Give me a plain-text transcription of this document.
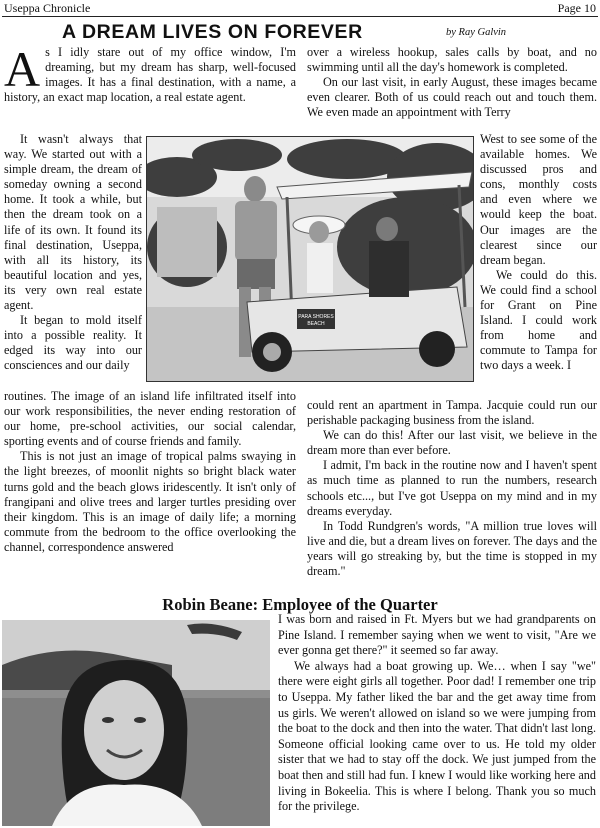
Useppa Chronicle	Page 10
A DREAM LIVES ON FOREVER	by Ray Galvin

As I idly stare out of my office window, I'm dreaming, but my dream has sharp, well-focused images. It has a final destination, with a name, a history, an exact map location, a real estate agent.

It wasn't always that way. We started out with a simple dream, the dream of someday owning a second home. It took a while, but then the dream took on a life of its own. It found its final destination, Useppa, with all its history, its beautiful location and yes, its very own real estate agent.

It began to mold itself into a possible reality. It edged its way into our consciences and our daily

routines. The image of an island life infiltrated itself into our work responsibilities, the never ending restoration of our home, pre-school activities, our social calendar, sporting events and of course friends and family.

This is not just an image of tropical palms swaying in the light breezes, of moonlit nights so bright black water turns gold and the beach glows iridescently. It isn't only of frangipani and olive trees and larger turtles presiding over their kingdom. This is an image of daily life; a morning commute from the bedroom to the office overlooking the channel, correspondence answered

over a wireless hookup, sales calls by boat, and no swimming until all the day's homework is completed.

On our last visit, in early August, these images became even clearer. Both of us could reach out and touch them. We even made an appointment with Terry

West to see some of the available homes. We discussed pros and cons, monthly costs and even where we would keep the boat. Our images are the clearest since our dream began.

We could do this. We could find a school for Grant on Pine Island. I could work from home and commute to Tampa for two days a week. I

could rent an apartment in Tampa. Jacquie could run our perishable packaging business from the island.

We can do this! After our last visit, we believe in the dream more than ever before.

I admit, I'm back in the routine now and I haven't spent as much time as planned to run the numbers, research schools etc..., but I've got Useppa on my mind and in my dreams everyday.

In Todd Rundgren's words, "A million true loves will live and die, but a dream lives on forever. The days and the years will go streaking by, but the time is stopped in my dream."

PARA SHORES
BEACH
Robin Beane: Employee of the Quarter

I was born and raised in Ft. Myers but we had grandparents on Pine Island. I remember saying when we went to visit, "Are we ever gonna get there?" it seemed so far away.

We always had a boat growing up. We… when I say "we" there were eight girls all together. Poor dad! I remember one trip to Useppa. My father liked the bar and the get away time from us girls. We weren't allowed on island so we were jumping from the boat to the dock and then into the water. That didn't last long. Someone official looking came over to us. He told my older sister that we had to stay off the dock. We just jumped from the boat then and still had fun. I knew I would like working here and living in Bokeelia. This is where I belong. Thank you so much for the privilege.
